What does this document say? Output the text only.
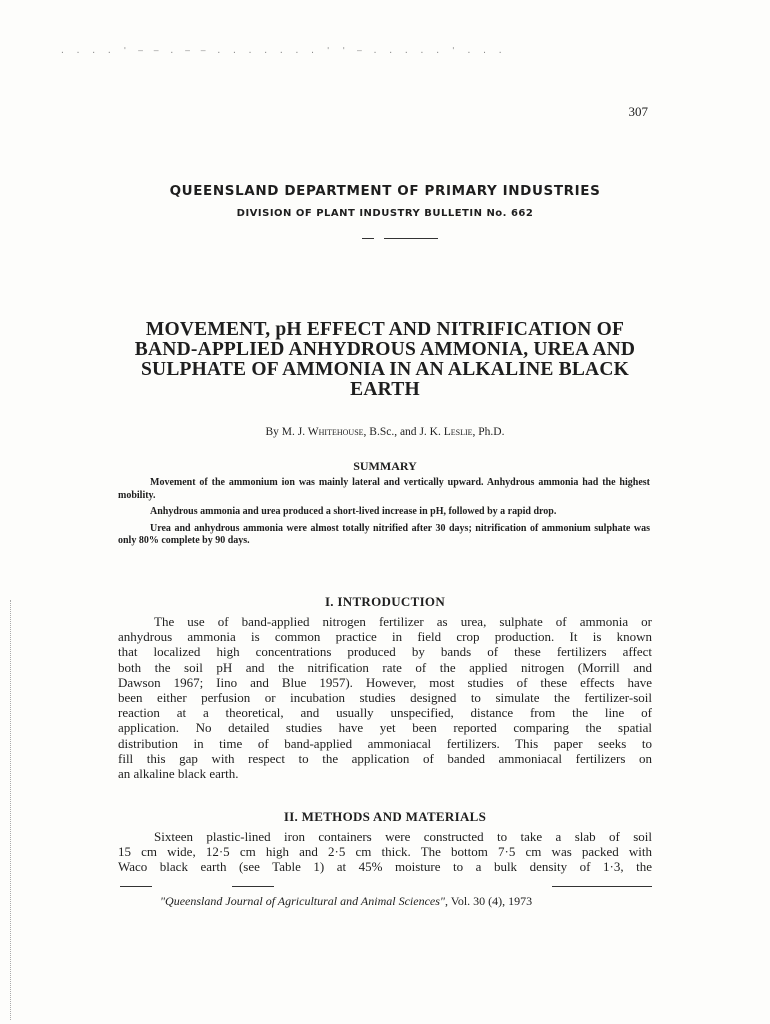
. . . . ' — — . — — . . . . . . . ' ' — . . . . . ' . . .
307
QUEENSLAND DEPARTMENT OF PRIMARY INDUSTRIES
DIVISION OF PLANT INDUSTRY BULLETIN No. 662
MOVEMENT, pH EFFECT AND NITRIFICATION OF
BAND-APPLIED ANHYDROUS AMMONIA, UREA AND
SULPHATE OF AMMONIA IN AN ALKALINE BLACK
EARTH
By M. J. Whitehouse, B.Sc., and J. K. Leslie, Ph.D.
SUMMARY

Movement of the ammonium ion was mainly lateral and vertically upward. Anhydrous ammonia had the highest mobility.

Anhydrous ammonia and urea produced a short-lived increase in pH, followed by a rapid drop.

Urea and anhydrous ammonia were almost totally nitrified after 30 days; nitrification of ammonium sulphate was only 80% complete by 90 days.

I. INTRODUCTION
The use of band-applied nitrogen fertilizer as urea, sulphate of ammonia or
anhydrous ammonia is common practice in field crop production. It is known
that localized high concentrations produced by bands of these fertilizers affect
both the soil pH and the nitrification rate of the applied nitrogen (Morrill and
Dawson 1967; Iino and Blue 1957). However, most studies of these effects have
been either perfusion or incubation studies designed to simulate the fertilizer-soil
reaction at a theoretical, and usually unspecified, distance from the line of
application. No detailed studies have yet been reported comparing the spatial
distribution in time of band-applied ammoniacal fertilizers. This paper seeks to
fill this gap with respect to the application of banded ammoniacal fertilizers on
an alkaline black earth.
II. METHODS AND MATERIALS
Sixteen plastic-lined iron containers were constructed to take a slab of soil
15 cm wide, 12·5 cm high and 2·5 cm thick. The bottom 7·5 cm was packed with
Waco black earth (see Table 1) at 45% moisture to a bulk density of 1·3, the
"Queensland Journal of Agricultural and Animal Sciences", Vol. 30 (4), 1973
